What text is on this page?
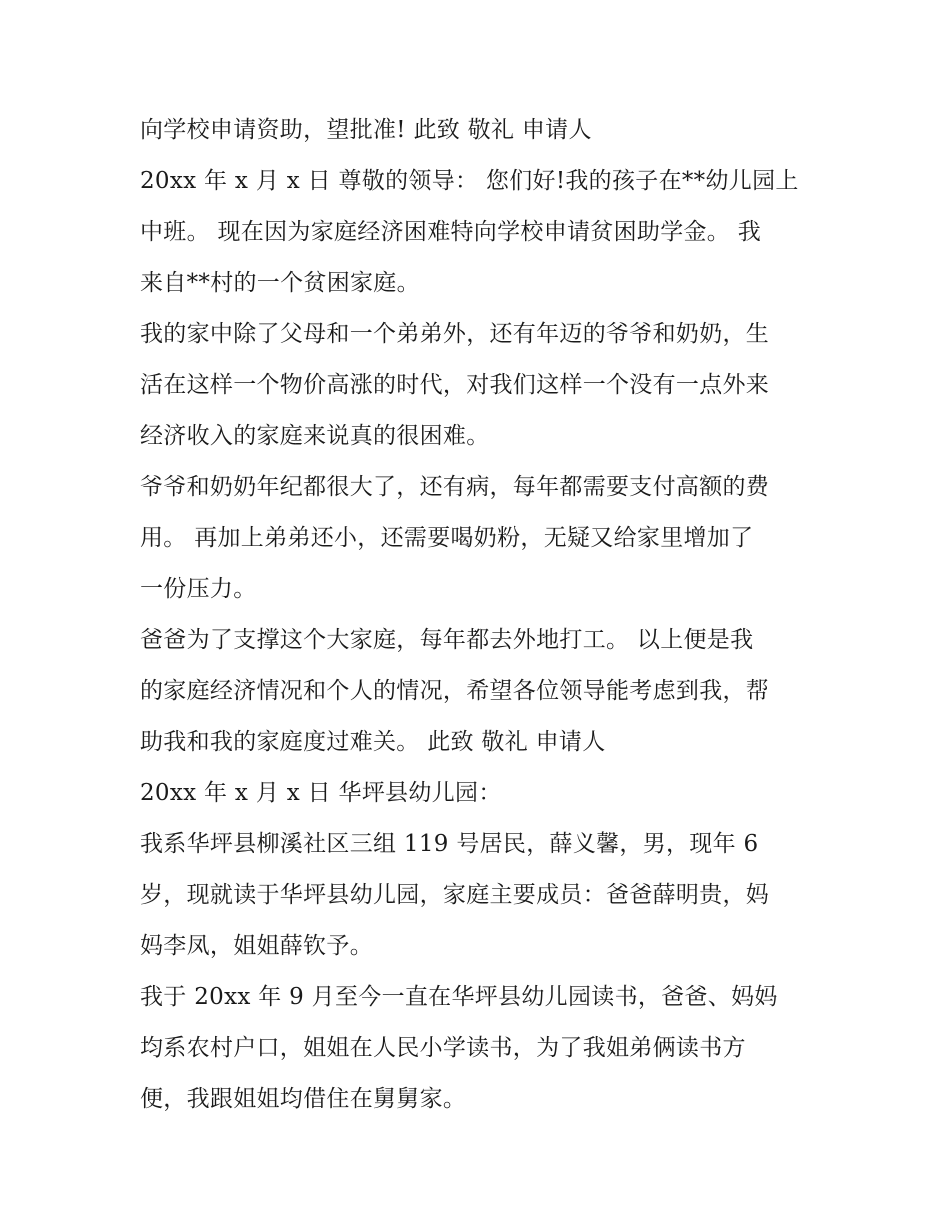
向学校申请资助，望批准! 此致 敬礼 申请人
20xx 年 x 月 x 日 尊敬的领导： 您们好!我的孩子在**幼儿园上
中班。 现在因为家庭经济困难特向学校申请贫困助学金。 我
来自**村的一个贫困家庭。
我的家中除了父母和一个弟弟外，还有年迈的爷爷和奶奶，生
活在这样一个物价高涨的时代，对我们这样一个没有一点外来
经济收入的家庭来说真的很困难。
爷爷和奶奶年纪都很大了，还有病，每年都需要支付高额的费
用。 再加上弟弟还小，还需要喝奶粉，无疑又给家里增加了
一份压力。
爸爸为了支撑这个大家庭，每年都去外地打工。 以上便是我
的家庭经济情况和个人的情况，希望各位领导能考虑到我，帮
助我和我的家庭度过难关。 此致 敬礼 申请人
20xx 年 x 月 x 日 华坪县幼儿园：
我系华坪县柳溪社区三组 119 号居民，薛义馨，男，现年 6
岁，现就读于华坪县幼儿园，家庭主要成员：爸爸薛明贵，妈
妈李凤，姐姐薛钦予。
我于 20xx 年 9 月至今一直在华坪县幼儿园读书，爸爸、妈妈
均系农村户口，姐姐在人民小学读书，为了我姐弟俩读书方
便，我跟姐姐均借住在舅舅家。
